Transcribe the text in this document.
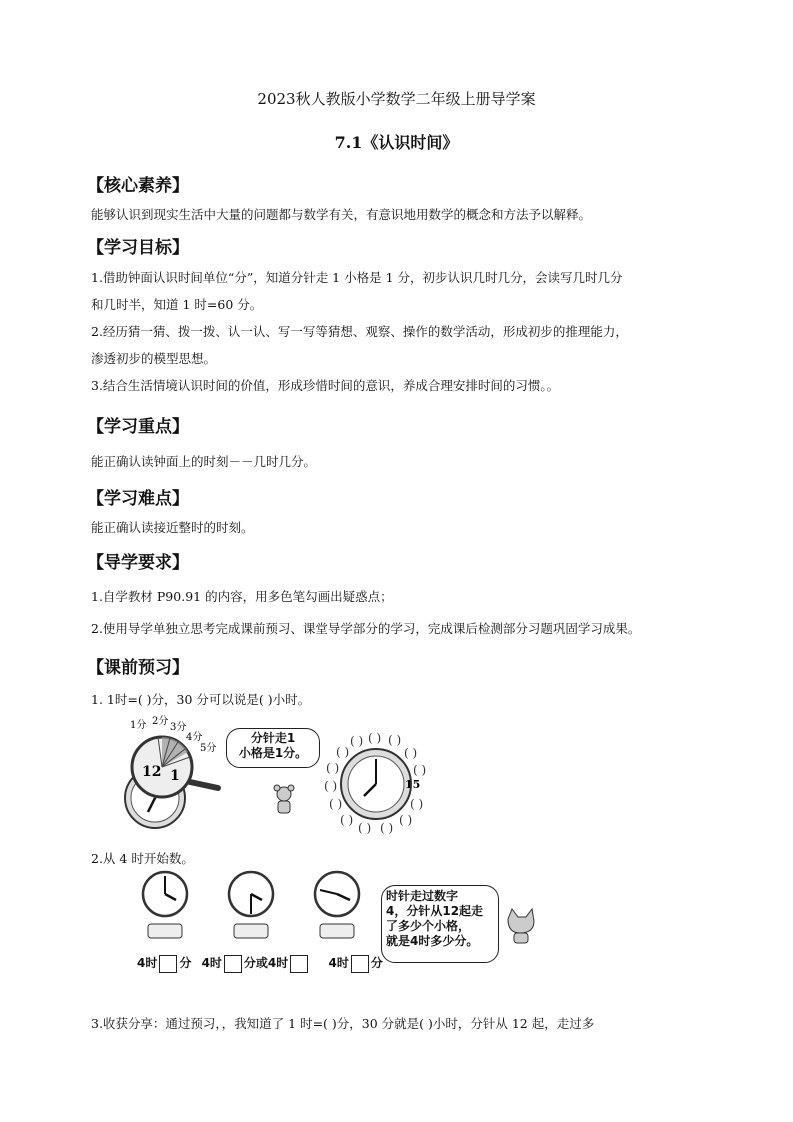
2023秋人教版小学数学二年级上册导学案
7.1《认识时间》
【核心素养】
能够认识到现实生活中大量的问题都与数学有关，有意识地用数学的概念和方法予以解释。
【学习目标】
1.借助钟面认识时间单位“分”，知道分针走 1 小格是 1 分，初步认识几时几分，会读写几时几分
和几时半，知道 1 时=60 分。
2.经历猜一猜、拨一拨、认一认、写一写等猜想、观察、操作的数学活动，形成初步的推理能力，
渗透初步的模型思想。
3.结合生活情境认识时间的价值，形成珍惜时间的意识，养成合理安排时间的习惯。。
【学习重点】
能正确认读钟面上的时刻－－几时几分。
【学习难点】
能正确认读接近整时的时刻。
【导学要求】
1.自学教材 P90.91 的内容，用多色笔勾画出疑惑点；
2.使用导学单独立思考完成课前预习、课堂导学部分的学习，完成课后检测部分习题巩固学习成果。
【课前预习】
1. 1时=( )分，30 分可以说是( )小时。
1分 2分
3分
4分
5分
12 1
15
( ) ( )
( )
( )
( )
( )
( )
( )
( )
( )
( )
( )
( )
( )
分针走1
小格是1分。
2.从 4 时开始数。
时针走过数字
4，分针从12起走
了多少个小格，
就是4时多少分。
4时 分 4时 分或4时	4时 分
3.收获分享：通过预习，，我知道了 1 时=( )分，30 分就是( )小时，分针从 12 起，走过多
